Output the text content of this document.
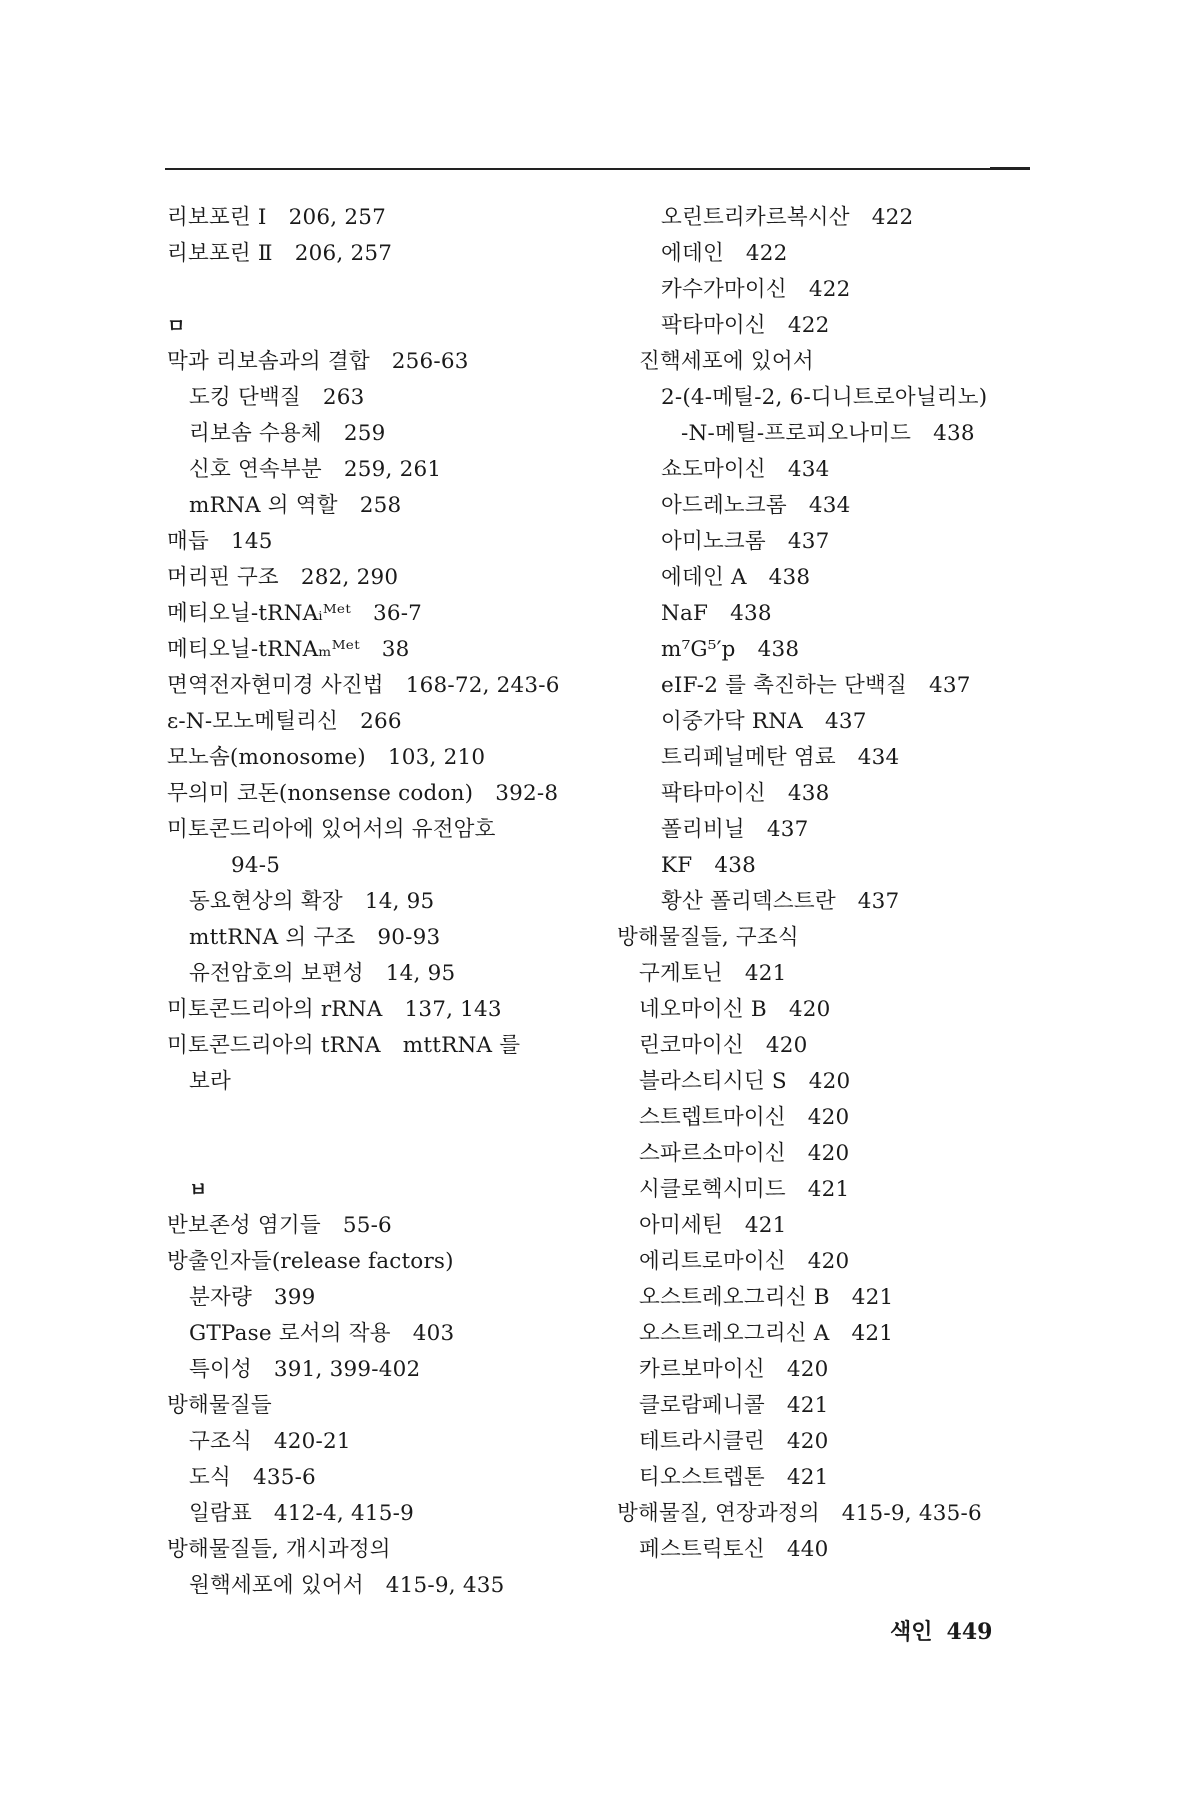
리보포린 Ⅰ 206, 257
리보포린 Ⅱ 206, 257
ㅁ
막과 리보솜과의 결합 256-63
도킹 단백질 263
리보솜 수용체 259
신호 연속부분 259, 261
mRNA 의 역할 258
매듭 145
머리핀 구조 282, 290
메티오닐-tRNAᵢᴹᵉᵗ 36-7
메티오닐-tRNAₘᴹᵉᵗ 38
면역전자현미경 사진법 168-72, 243-6
ε-N-모노메틸리신 266
모노솜(monosome) 103, 210
무의미 코돈(nonsense codon) 392-8
미토콘드리아에 있어서의 유전암호
94-5
동요현상의 확장 14, 95
mttRNA 의 구조 90-93
유전암호의 보편성 14, 95
미토콘드리아의 rRNA 137, 143
미토콘드리아의 tRNA mttRNA 를
보라
ㅂ
반보존성 염기들 55-6
방출인자들(release factors)
분자량 399
GTPase 로서의 작용 403
특이성 391, 399-402
방해물질들
구조식 420-21
도식 435-6
일람표 412-4, 415-9
방해물질들, 개시과정의
원핵세포에 있어서 415-9, 435
오린트리카르복시산 422
에데인 422
카수가마이신 422
팍타마이신 422
진핵세포에 있어서
2-(4-메틸-2, 6-디니트로아닐리노)
-N-메틸-프로피오나미드 438
쇼도마이신 434
아드레노크롬 434
아미노크롬 437
에데인 A 438
NaF 438
m⁷G⁵′p 438
eIF-2 를 촉진하는 단백질 437
이중가닥 RNA 437
트리페닐메탄 염료 434
팍타마이신 438
폴리비닐 437
KF 438
황산 폴리덱스트란 437
방해물질들, 구조식
구게토닌 421
네오마이신 B 420
린코마이신 420
블라스티시딘 S 420
스트렙트마이신 420
스파르소마이신 420
시클로헥시미드 421
아미세틴 421
에리트로마이신 420
오스트레오그리신 B 421
오스트레오그리신 A 421
카르보마이신 420
클로람페니콜 421
테트라시클린 420
티오스트렙톤 421
방해물질, 연장과정의 415-9, 435-6
페스트릭토신 440
색인 449
